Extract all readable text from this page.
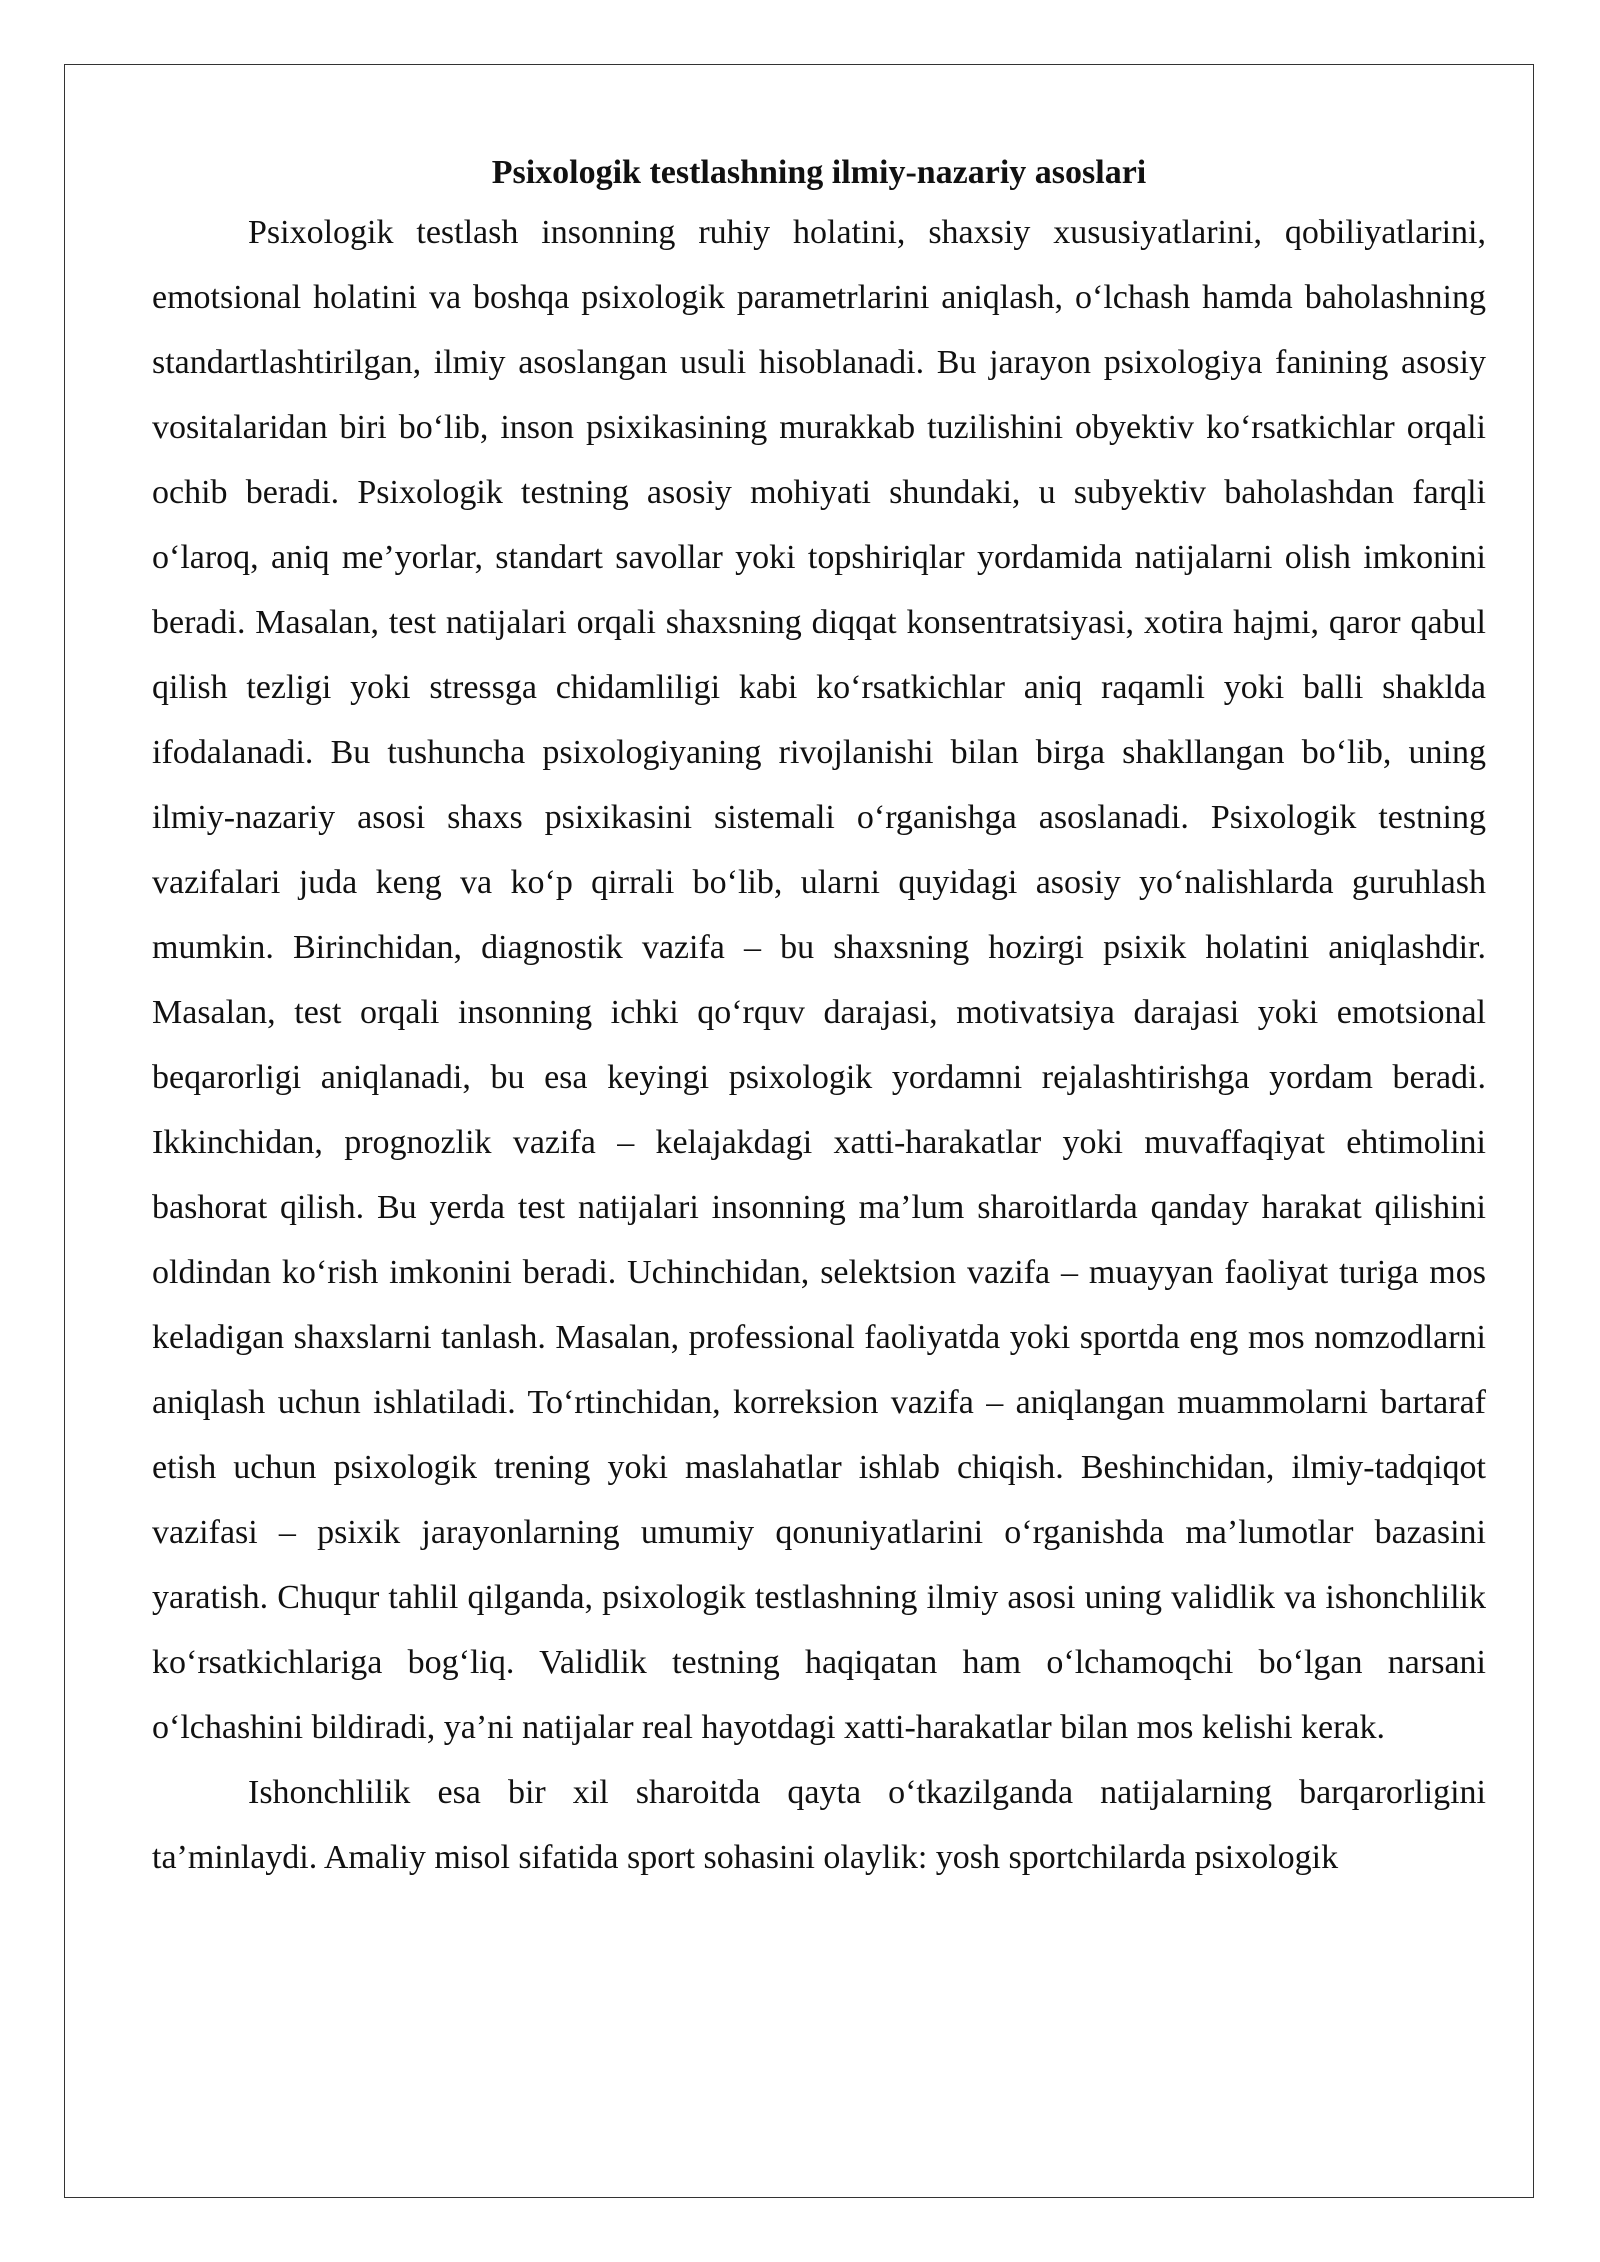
Psixologik testlashning ilmiy-nazariy asoslari

Psixologik testlash insonning ruhiy holatini, shaxsiy xususiyatlarini, qobiliyatlarini, emotsional holatini va boshqa psixologik parametrlarini aniqlash, o‘lchash hamda baholashning standartlashtirilgan, ilmiy asoslangan usuli hisoblanadi. Bu jarayon psixologiya fanining asosiy vositalaridan biri bo‘lib, inson psixikasining murakkab tuzilishini obyektiv ko‘rsatkichlar orqali ochib beradi. Psixologik testning asosiy mohiyati shundaki, u subyektiv baholashdan farqli o‘laroq, aniq me’yorlar, standart savollar yoki topshiriqlar yordamida natijalarni olish imkonini beradi. Masalan, test natijalari orqali shaxsning diqqat konsentratsiyasi, xotira hajmi, qaror qabul qilish tezligi yoki stressga chidamliligi kabi ko‘rsatkichlar aniq raqamli yoki balli shaklda ifodalanadi. Bu tushuncha psixologiyaning rivojlanishi bilan birga shakllangan bo‘lib, uning ilmiy-nazariy asosi shaxs psixikasini sistemali o‘rganishga asoslanadi. Psixologik testning vazifalari juda keng va ko‘p qirrali bo‘lib, ularni quyidagi asosiy yo‘nalishlarda guruhlash mumkin. Birinchidan, diagnostik vazifa – bu shaxsning hozirgi psixik holatini aniqlashdir. Masalan, test orqali insonning ichki qo‘rquv darajasi, motivatsiya darajasi yoki emotsional beqarorligi aniqlanadi, bu esa keyingi psixologik yordamni rejalashtirishga yordam beradi. Ikkinchidan, prognozlik vazifa – kelajakdagi xatti-harakatlar yoki muvaffaqiyat ehtimolini bashorat qilish. Bu yerda test natijalari insonning ma’lum sharoitlarda qanday harakat qilishini oldindan ko‘rish imkonini beradi. Uchinchidan, selektsion vazifa – muayyan faoliyat turiga mos keladigan shaxslarni tanlash. Masalan, professional faoliyatda yoki sportda eng mos nomzodlarni aniqlash uchun ishlatiladi. To‘rtinchidan, korreksion vazifa – aniqlangan muammolarni bartaraf etish uchun psixologik trening yoki maslahatlar ishlab chiqish. Beshinchidan, ilmiy-tadqiqot vazifasi – psixik jarayonlarning umumiy qonuniyatlarini o‘rganishda ma’lumotlar bazasini yaratish. Chuqur tahlil qilganda, psixologik testlashning ilmiy asosi uning validlik va ishonchlilik ko‘rsatkichlariga bog‘liq. Validlik testning haqiqatan ham o‘lchamoqchi bo‘lgan narsani o‘lchashini bildiradi, ya’ni natijalar real hayotdagi xatti-harakatlar bilan mos kelishi kerak.

Ishonchlilik esa bir xil sharoitda qayta o‘tkazilganda natijalarning barqarorligini ta’minlaydi. Amaliy misol sifatida sport sohasini olaylik: yosh sportchilarda psixologik
